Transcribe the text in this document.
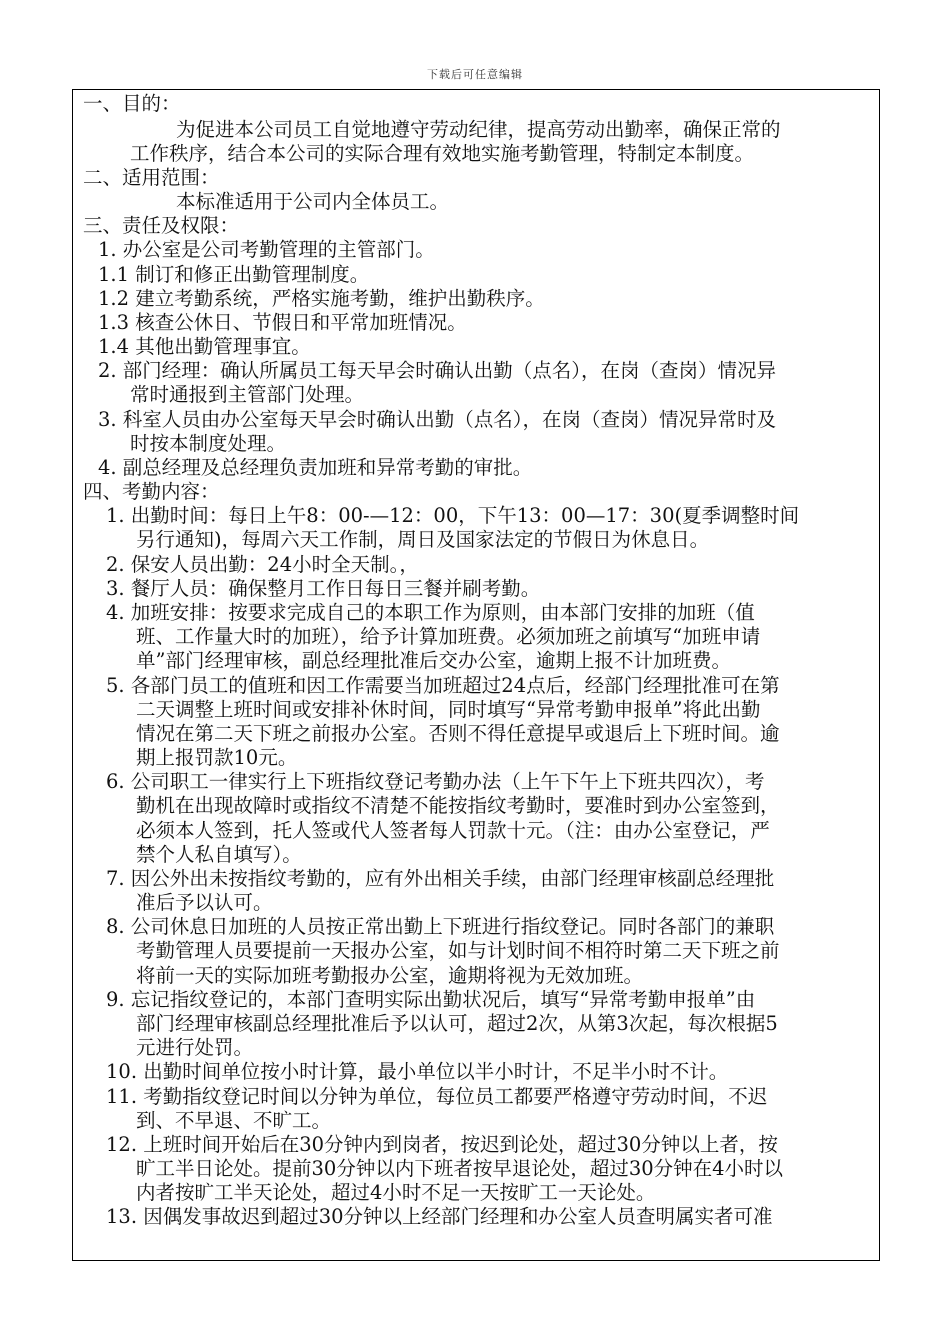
下载后可任意编辑
一、目的：
为促进本公司员工自觉地遵守劳动纪律，提高劳动出勤率，确保正常的
工作秩序，结合本公司的实际合理有效地实施考勤管理，特制定本制度。
二、适用范围：
本标准适用于公司内全体员工。
三、责任及权限：
1. 办公室是公司考勤管理的主管部门。
1.1 制订和修正出勤管理制度。
1.2 建立考勤系统，严格实施考勤，维护出勤秩序。
1.3 核查公休日、节假日和平常加班情况。
1.4 其他出勤管理事宜。
2. 部门经理：确认所属员工每天早会时确认出勤（点名），在岗（查岗）情况异
常时通报到主管部门处理。
3. 科室人员由办公室每天早会时确认出勤（点名），在岗（查岗）情况异常时及
时按本制度处理。
4. 副总经理及总经理负责加班和异常考勤的审批。
四、考勤内容：
1. 出勤时间：每日上午8：00-—12：00，下午13：00—17：30(夏季调整时间
另行通知)，每周六天工作制，周日及国家法定的节假日为休息日。
2. 保安人员出勤：24小时全天制。，
3. 餐厅人员：确保整月工作日每日三餐并刷考勤。
4. 加班安排：按要求完成自己的本职工作为原则，由本部门安排的加班（值
班、工作量大时的加班），给予计算加班费。必须加班之前填写“加班申请
单”部门经理审核，副总经理批准后交办公室，逾期上报不计加班费。
5. 各部门员工的值班和因工作需要当加班超过24点后，经部门经理批准可在第
二天调整上班时间或安排补休时间，同时填写“异常考勤申报单”将此出勤
情况在第二天下班之前报办公室。否则不得任意提早或退后上下班时间。逾
期上报罚款10元。
6. 公司职工一律实行上下班指纹登记考勤办法（上午下午上下班共四次），考
勤机在出现故障时或指纹不清楚不能按指纹考勤时，要准时到办公室签到，
必须本人签到，托人签或代人签者每人罚款十元。（注：由办公室登记，严
禁个人私自填写）。
7. 因公外出未按指纹考勤的，应有外出相关手续，由部门经理审核副总经理批
准后予以认可。
8. 公司休息日加班的人员按正常出勤上下班进行指纹登记。同时各部门的兼职
考勤管理人员要提前一天报办公室，如与计划时间不相符时第二天下班之前
将前一天的实际加班考勤报办公室，逾期将视为无效加班。
9. 忘记指纹登记的，本部门查明实际出勤状况后，填写“异常考勤申报单”由
部门经理审核副总经理批准后予以认可，超过2次，从第3次起，每次根据5
元进行处罚。
10. 出勤时间单位按小时计算，最小单位以半小时计，不足半小时不计。
11. 考勤指纹登记时间以分钟为单位，每位员工都要严格遵守劳动时间，不迟
到、不早退、不旷工。
12. 上班时间开始后在30分钟内到岗者，按迟到论处，超过30分钟以上者，按
旷工半日论处。提前30分钟以内下班者按早退论处，超过30分钟在4小时以
内者按旷工半天论处，超过4小时不足一天按旷工一天论处。
13. 因偶发事故迟到超过30分钟以上经部门经理和办公室人员查明属实者可准
